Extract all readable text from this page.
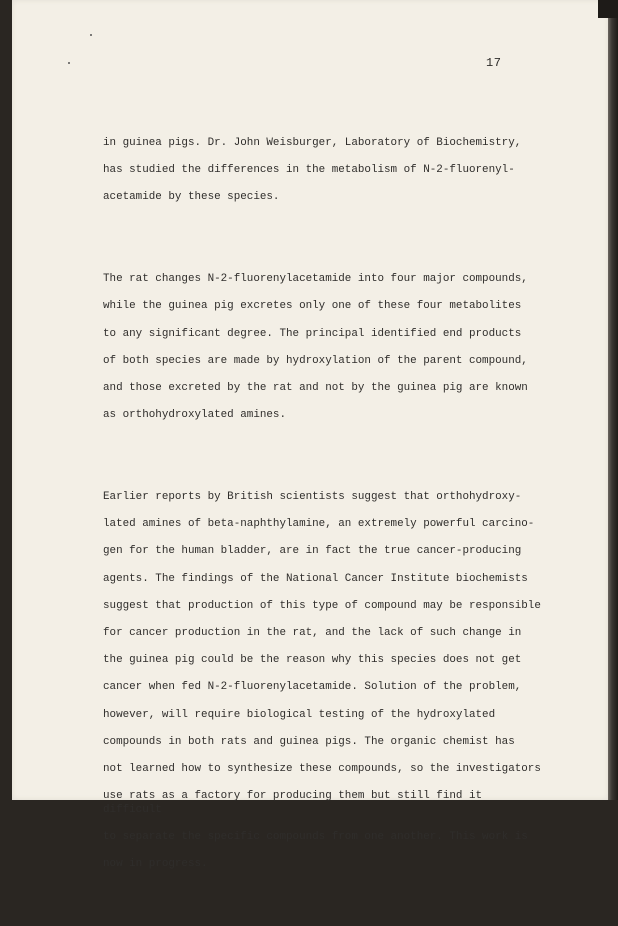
17

in guinea pigs. Dr. John Weisburger, Laboratory of Biochemistry,

has studied the differences in the metabolism of N-2-fluorenyl-

acetamide by these species.

The rat changes N-2-fluorenylacetamide into four major compounds,

while the guinea pig excretes only one of these four metabolites

to any significant degree. The principal identified end products

of both species are made by hydroxylation of the parent compound,

and those excreted by the rat and not by the guinea pig are known

as orthohydroxylated amines.

Earlier reports by British scientists suggest that orthohydroxy-

lated amines of beta-naphthylamine, an extremely powerful carcino-

gen for the human bladder, are in fact the true cancer-producing

agents. The findings of the National Cancer Institute biochemists

suggest that production of this type of compound may be responsible

for cancer production in the rat, and the lack of such change in

the guinea pig could be the reason why this species does not get

cancer when fed N-2-fluorenylacetamide. Solution of the problem,

however, will require biological testing of the hydroxylated

compounds in both rats and guinea pigs. The organic chemist has

not learned how to synthesize these compounds, so the investigators

use rats as a factory for producing them but still find it difficult

to separate the specific compounds from one another. This work is

now in progress.
